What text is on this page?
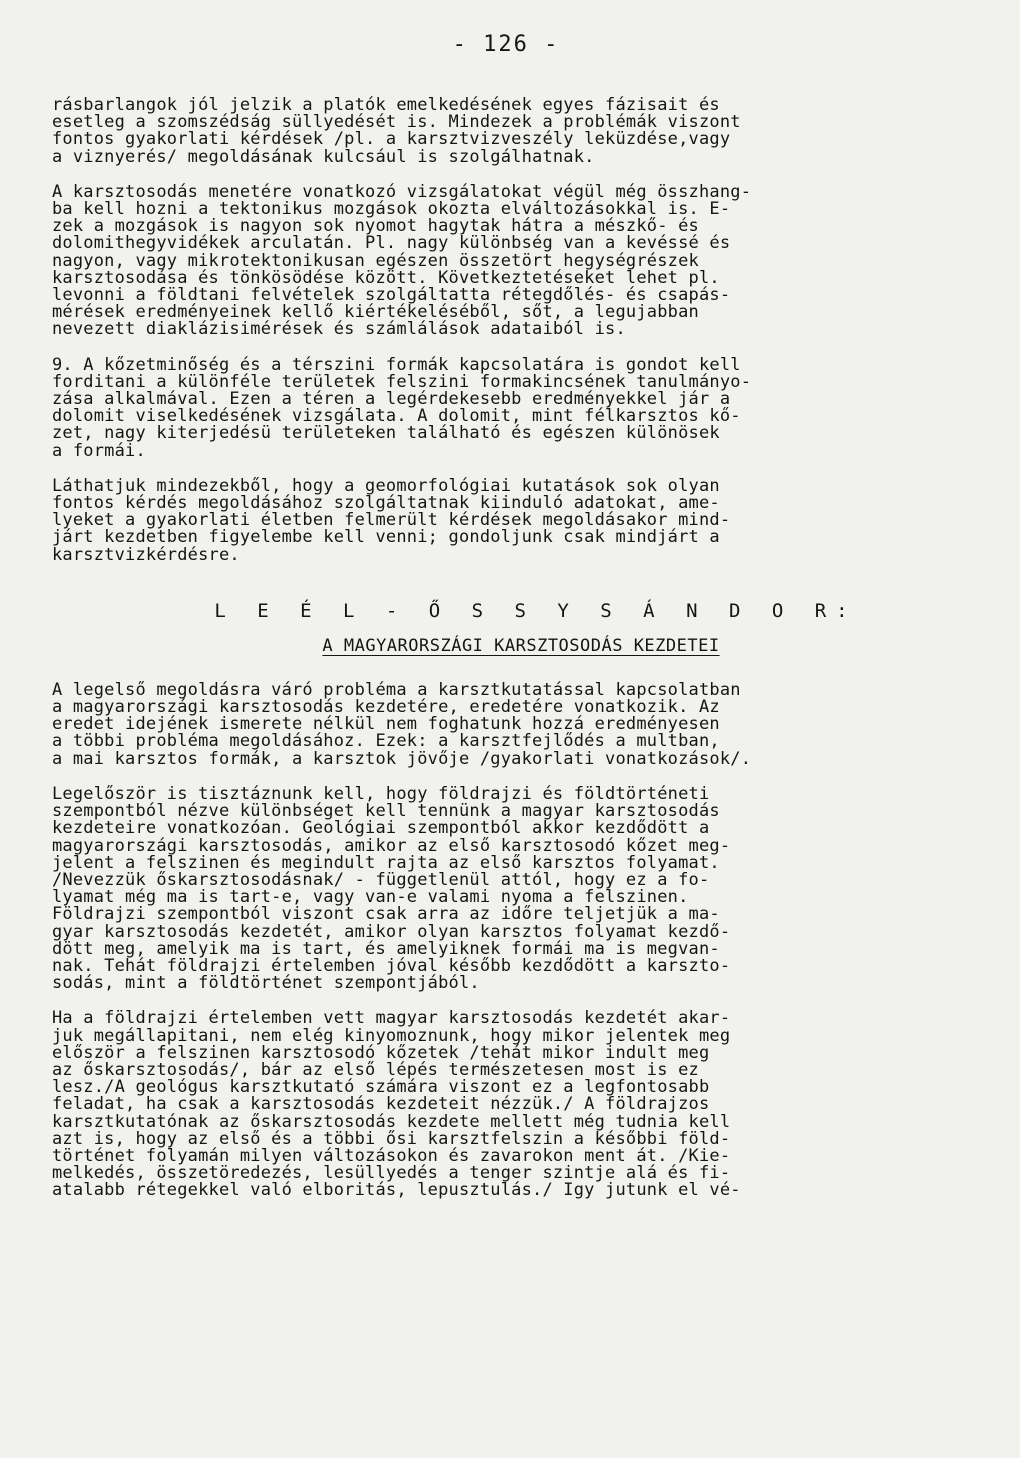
- 126 -
rásbarlangok jól jelzik a platók emelkedésének egyes fázisait és
esetleg a szomszédság süllyedését is. Mindezek a problémák viszont
fontos gyakorlati kérdések /pl. a karsztvizveszély leküzdése,vagy
a viznyerés/ megoldásának kulcsául is szolgálhatnak.
A karsztosodás menetére vonatkozó vizsgálatokat végül még összhang-
ba kell hozni a tektonikus mozgások okozta elváltozásokkal is. E-
zek a mozgások is nagyon sok nyomot hagytak hátra a mészkő- és
dolomithegyvidékek arculatán. Pl. nagy különbség van a kevéssé és
nagyon, vagy mikrotektonikusan egészen összetört hegységrészek
karsztosodása és tönkösödése között. Következtetéseket lehet pl.
levonni a földtani felvételek szolgáltatta rétegdőlés- és csapás-
mérések eredményeinek kellő kiértékeléséből, sőt, a legujabban
nevezett diaklázisimérések és számlálások adataiból is.
9. A kőzetminőség és a térszini formák kapcsolatára is gondot kell
forditani a különféle területek felszini formakincsének tanulmányo-
zása alkalmával. Ezen a téren a legérdekesebb eredményekkel jár a
dolomit viselkedésének vizsgálata. A dolomit, mint félkarsztos kő-
zet, nagy kiterjedésü területeken található és egészen különösek
a formái.
Láthatjuk mindezekből, hogy a geomorfológiai kutatások sok olyan
fontos kérdés megoldásához szolgáltatnak kiinduló adatokat, ame-
lyeket a gyakorlati életben felmerült kérdések megoldásakor mind-
járt kezdetben figyelembe kell venni; gondoljunk csak mindjárt a
karsztvizkérdésre.
L E É L - Ő S S Y S Á N D O R:
A MAGYARORSZÁGI KARSZTOSODÁS KEZDETEI
A legelső megoldásra váró probléma a karsztkutatással kapcsolatban
a magyarországi karsztosodás kezdetére, eredetére vonatkozik. Az
eredet idejének ismerete nélkül nem foghatunk hozzá eredményesen
a többi probléma megoldásához. Ezek: a karsztfejlődés a multban,
a mai karsztos formák, a karsztok jövője /gyakorlati vonatkozások/.
Legelőször is tisztáznunk kell, hogy földrajzi és földtörténeti
szempontból nézve különbséget kell tennünk a magyar karsztosodás
kezdeteire vonatkozóan. Geológiai szempontból akkor kezdődött a
magyarországi karsztosodás, amikor az első karsztosodó kőzet meg-
jelent a felszinen és megindult rajta az első karsztos folyamat.
/Nevezzük őskarsztosodásnak/ - függetlenül attól, hogy ez a fo-
lyamat még ma is tart-e, vagy van-e valami nyoma a felszinen.
Földrajzi szempontból viszont csak arra az időre teljetjük a ma-
gyar karsztosodás kezdetét, amikor olyan karsztos folyamat kezdő-
dött meg, amelyik ma is tart, és amelyiknek formái ma is megvan-
nak. Tehát földrajzi értelemben jóval később kezdődött a karszto-
sodás, mint a földtörténet szempontjából.
Ha a földrajzi értelemben vett magyar karsztosodás kezdetét akar-
juk megállapitani, nem elég kinyomoznunk, hogy mikor jelentek meg
először a felszinen karsztosodó kőzetek /tehát mikor indult meg
az őskarsztosodás/, bár az első lépés természetesen most is ez
lesz./A geológus karsztkutató számára viszont ez a legfontosabb
feladat, ha csak a karsztosodás kezdeteit nézzük./ A földrajzos
karsztkutatónak az őskarsztosodás kezdete mellett még tudnia kell
azt is, hogy az első és a többi ősi karsztfelszin a későbbi föld-
történet folyamán milyen változásokon és zavarokon ment át. /Kie-
melkedés, összetöredezés, lesüllyedés a tenger szintje alá és fi-
atalabb rétegekkel való elboritás, lepusztulás./ Igy jutunk el vé-
